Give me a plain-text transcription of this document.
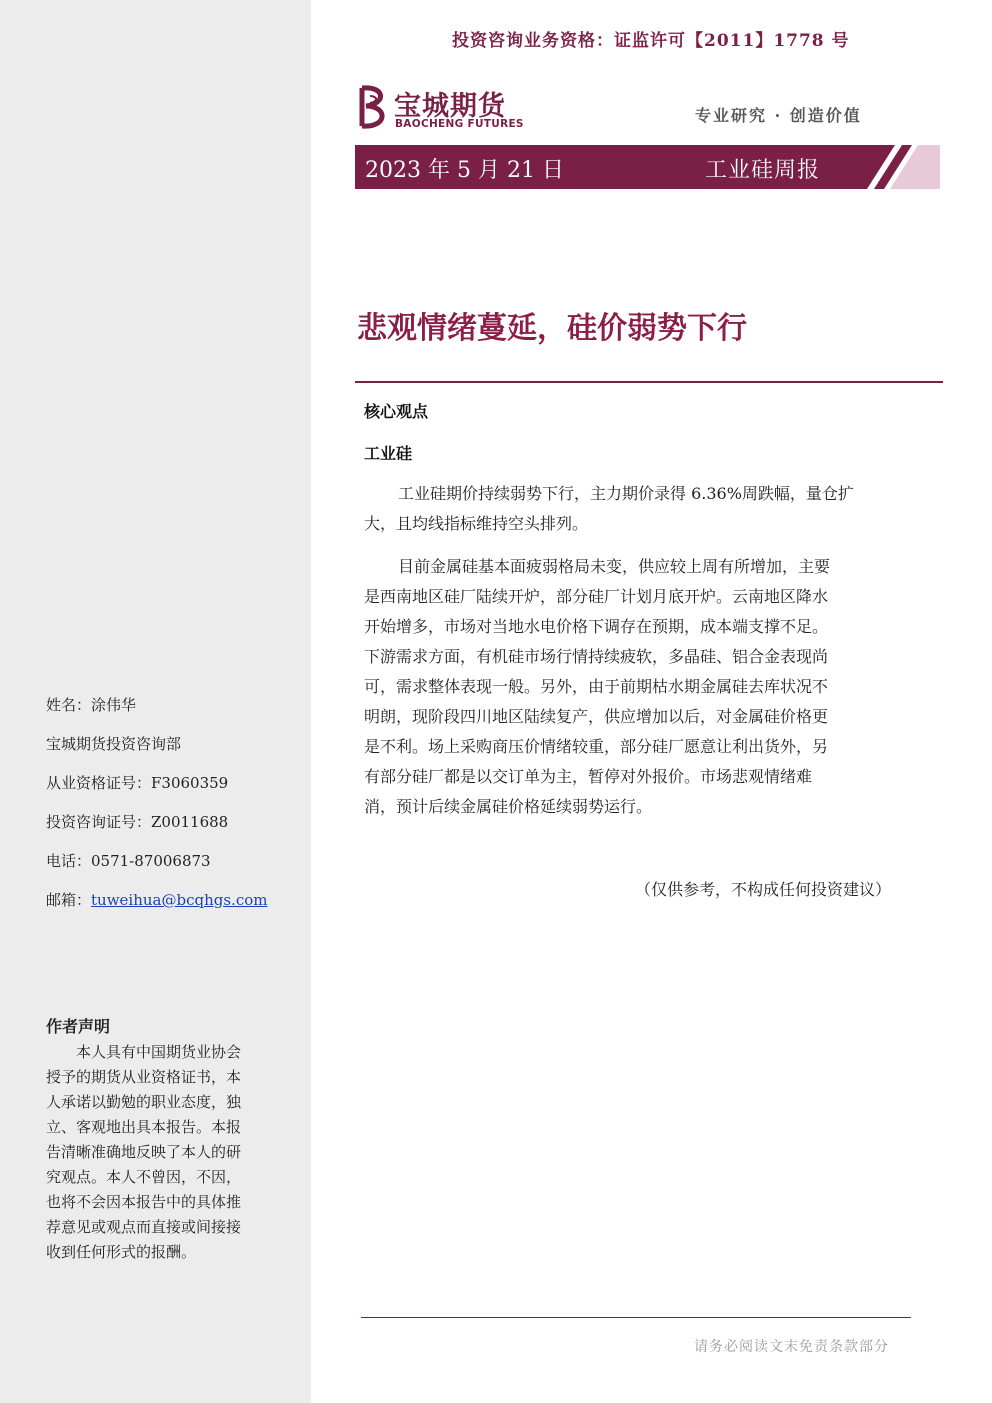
投资咨询业务资格：证监许可【2011】1778 号
宝城期货
BAOCHENG FUTURES	专业研究 · 创造价值
2023 年 5 月 21 日	工业硅周报
悲观情绪蔓延，硅价弱势下行
核心观点
工业硅
工业硅期价持续弱势下行，主力期价录得 6.36%周跌幅，量仓扩
大，且均线指标维持空头排列。
目前金属硅基本面疲弱格局未变，供应较上周有所增加，主要
是西南地区硅厂陆续开炉，部分硅厂计划月底开炉。云南地区降水
开始增多，市场对当地水电价格下调存在预期，成本端支撑不足。
下游需求方面，有机硅市场行情持续疲软，多晶硅、铝合金表现尚
可，需求整体表现一般。另外，由于前期枯水期金属硅去库状况不
明朗，现阶段四川地区陆续复产，供应增加以后，对金属硅价格更
是不利。场上采购商压价情绪较重，部分硅厂愿意让利出货外，另
有部分硅厂都是以交订单为主，暂停对外报价。市场悲观情绪难
消，预计后续金属硅价格延续弱势运行。
（仅供参考，不构成任何投资建议）
姓名：涂伟华
宝城期货投资咨询部
从业资格证号：F3060359
投资咨询证号：Z0011688
电话：0571-87006873
邮箱：tuweihua@bcqhgs.com
作者声明
本人具有中国期货业协会
授予的期货从业资格证书，本
人承诺以勤勉的职业态度，独
立、客观地出具本报告。本报
告清晰准确地反映了本人的研
究观点。本人不曾因，不因，
也将不会因本报告中的具体推
荐意见或观点而直接或间接接
收到任何形式的报酬。
请务必阅读文末免责条款部分
